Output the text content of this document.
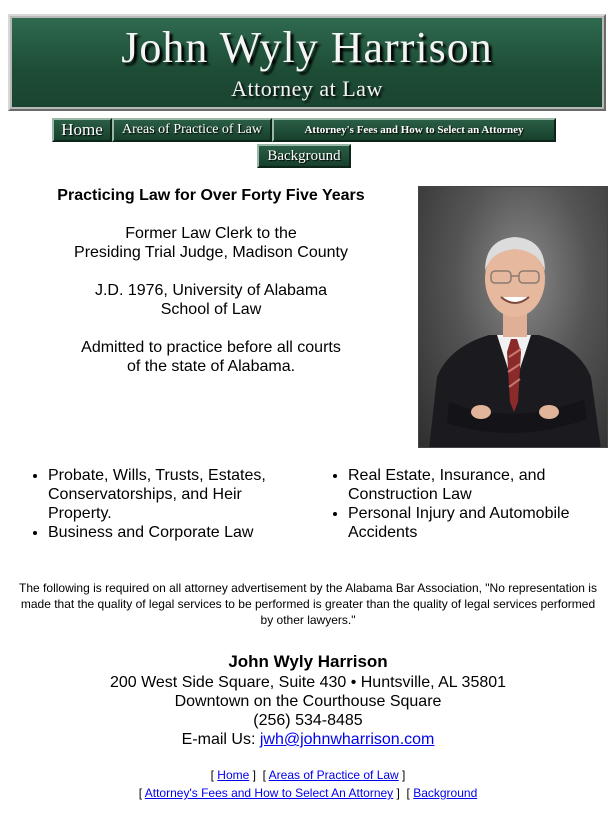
John Wyly Harrison
Attorney at Law
Home	Areas of Practice of Law	Attorney's Fees and How to Select an Attorney
Background
Practicing Law for Over Forty Five Years
Former Law Clerk to the
Presiding Trial Judge, Madison County
J.D. 1976, University of Alabama
School of Law
Admitted to practice before all courts
of the state of Alabama.
• Probate, Wills, Trusts, Estates, Conservatorships, and Heir Property.
• Business and Corporate Law
• Real Estate, Insurance, and Construction Law
• Personal Injury and Automobile Accidents
The following is required on all attorney advertisement by the Alabama Bar Association, "No representation is made that the quality of legal services to be performed is greater than the quality of legal services performed by other lawyers."
John Wyly Harrison
200 West Side Square, Suite 430 • Huntsville, AL 35801
Downtown on the Courthouse Square
(256) 534-8485
E-mail Us: jwh@johnwharrison.com
[ Home ]  [ Areas of Practice of Law ]
[ Attorney's Fees and How to Select An Attorney ]  [ Background
